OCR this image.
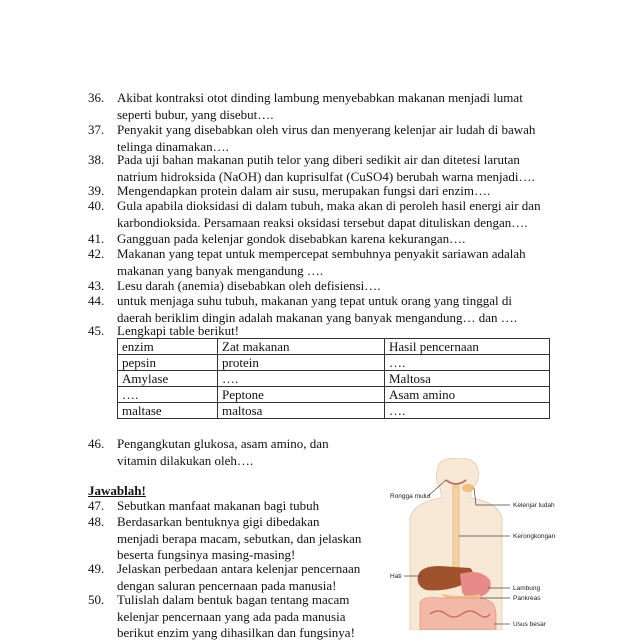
36. Akibat kontraksi otot dinding lambung menyebabkan makanan menjadi lumat
seperti bubur, yang disebut….
37. Penyakit yang disebabkan oleh virus dan menyerang kelenjar air ludah di bawah
telinga dinamakan….
38. Pada uji bahan makanan putih telor yang diberi sedikit air dan ditetesi larutan
natrium hidroksida (NaOH) dan kuprisulfat (CuSO4) berubah warna menjadi….
39. Mengendapkan protein dalam air susu, merupakan fungsi dari enzim….
40. Gula apabila dioksidasi di dalam tubuh, maka akan di peroleh hasil energi air dan
karbondioksida. Persamaan reaksi oksidasi tersebut dapat dituliskan dengan….
41. Gangguan pada kelenjar gondok disebabkan karena kekurangan….
42. Makanan yang tepat untuk mempercepat sembuhnya penyakit sariawan adalah
makanan yang banyak mengandung ….
43. Lesu darah (anemia) disebabkan oleh defisiensi….
44. untuk menjaga suhu tubuh, makanan yang tepat untuk orang yang tinggal di
daerah beriklim dingin adalah makanan yang banyak mengandung… dan ….
45. Lengkapi table berikut!
enzim	Zat makanan	Hasil pencernaan
pepsin	protein	….
Amylase	….	Maltosa
….	Peptone	Asam amino
maltase	maltosa	….
46. Pengangkutan glukosa, asam amino, dan
vitamin dilakukan oleh….
Jawablah!
47. Sebutkan manfaat makanan bagi tubuh
48. Berdasarkan bentuknya gigi dibedakan
menjadi berapa macam, sebutkan, dan jelaskan
beserta fungsinya masing-masing!
49. Jelaskan perbedaan antara kelenjar pencernaan
dengan saluran pencernaan pada manusia!
50. Tulislah dalam bentuk bagan tentang macam
kelenjar pencernaan yang ada pada manusia
berikut enzim yang dihasilkan dan fungsinya!
Rongga mulut
Kelenjar ludah
Kerongkongan
Hati
Lambung
Pankreas
Usus besar
